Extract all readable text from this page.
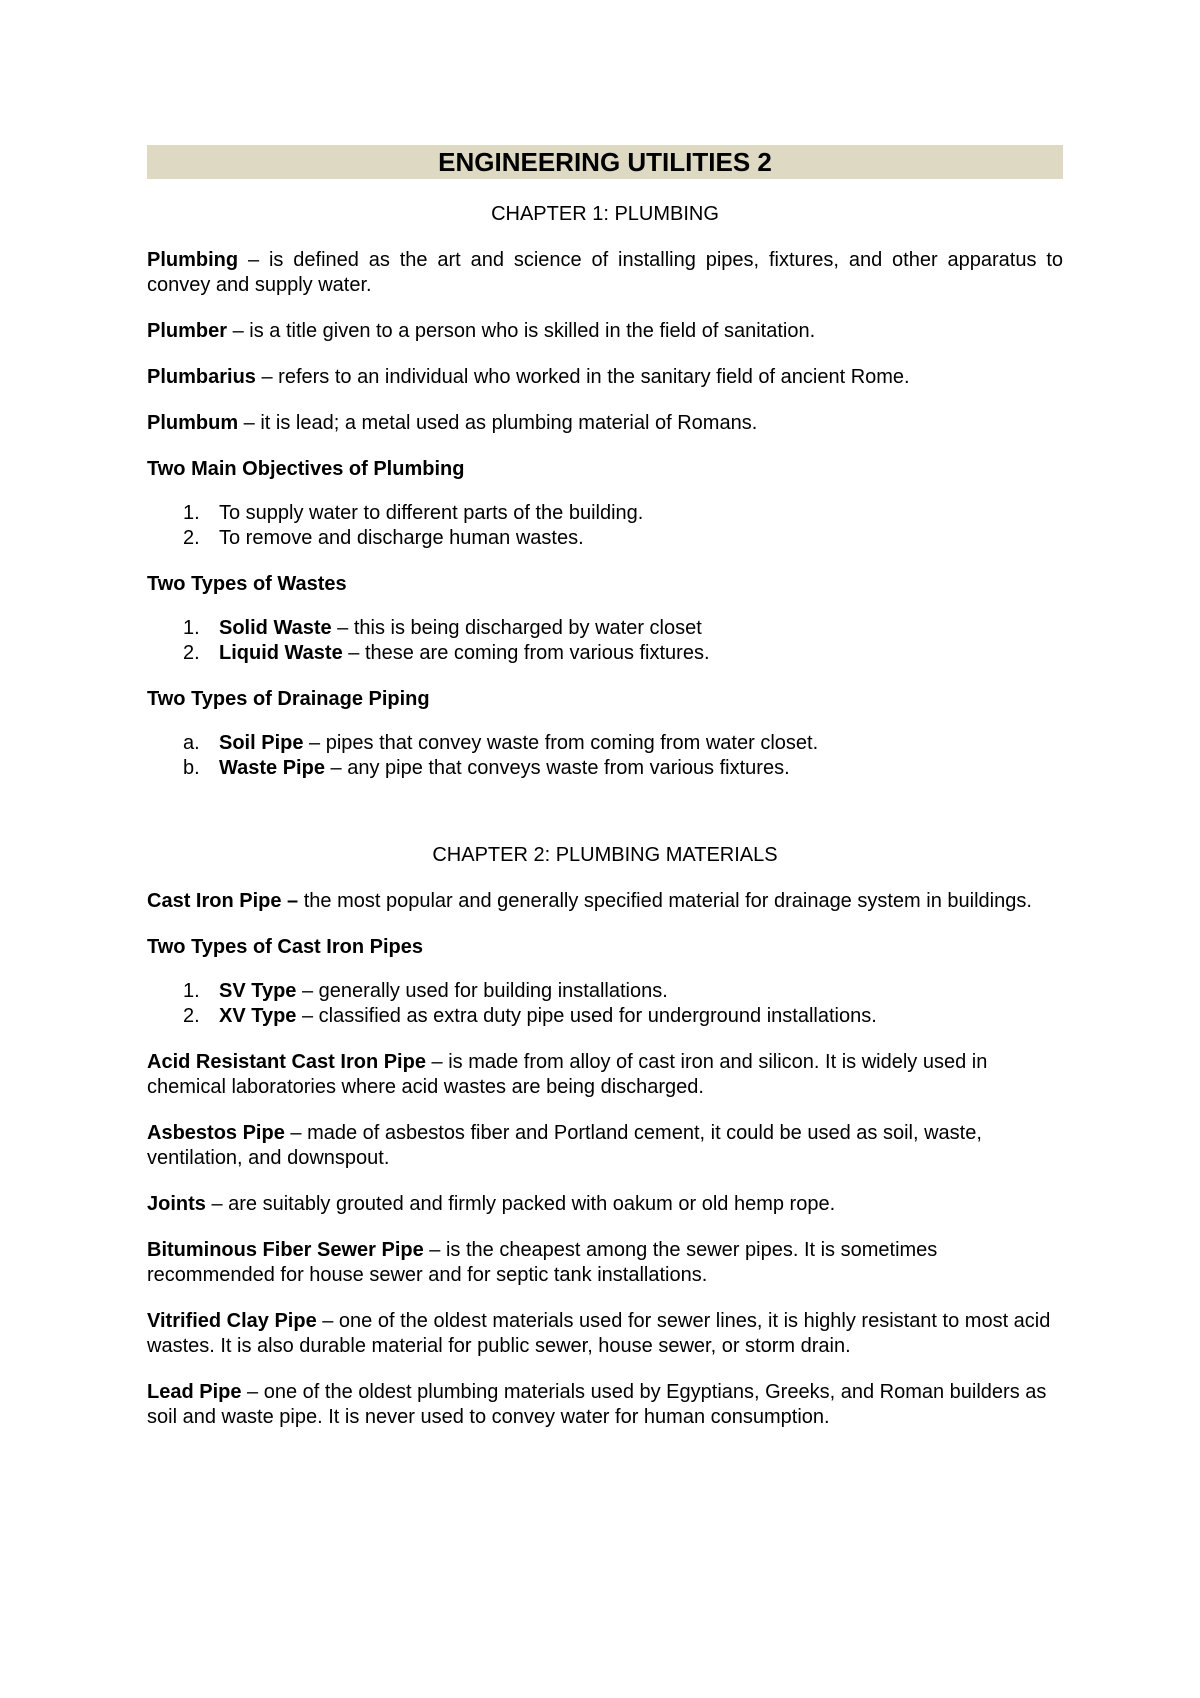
ENGINEERING UTILITIES 2

CHAPTER 1: PLUMBING

Plumbing – is defined as the art and science of installing pipes, fixtures, and other apparatus to convey and supply water.

Plumber – is a title given to a person who is skilled in the field of sanitation.

Plumbarius – refers to an individual who worked in the sanitary field of ancient Rome.

Plumbum – it is lead; a metal used as plumbing material of Romans.

Two Main Objectives of Plumbing

1. To supply water to different parts of the building.
2. To remove and discharge human wastes.

Two Types of Wastes

1. Solid Waste – this is being discharged by water closet
2. Liquid Waste – these are coming from various fixtures.

Two Types of Drainage Piping

a. Soil Pipe – pipes that convey waste from coming from water closet.
b. Waste Pipe – any pipe that conveys waste from various fixtures.

CHAPTER 2: PLUMBING MATERIALS

Cast Iron Pipe – the most popular and generally specified material for drainage system in buildings.

Two Types of Cast Iron Pipes

1. SV Type – generally used for building installations.
2. XV Type – classified as extra duty pipe used for underground installations.

Acid Resistant Cast Iron Pipe – is made from alloy of cast iron and silicon. It is widely used in chemical laboratories where acid wastes are being discharged.

Asbestos Pipe – made of asbestos fiber and Portland cement, it could be used as soil, waste, ventilation, and downspout.

Joints – are suitably grouted and firmly packed with oakum or old hemp rope.

Bituminous Fiber Sewer Pipe – is the cheapest among the sewer pipes. It is sometimes recommended for house sewer and for septic tank installations.

Vitrified Clay Pipe – one of the oldest materials used for sewer lines, it is highly resistant to most acid wastes. It is also durable material for public sewer, house sewer, or storm drain.

Lead Pipe – one of the oldest plumbing materials used by Egyptians, Greeks, and Roman builders as soil and waste pipe. It is never used to convey water for human consumption.
